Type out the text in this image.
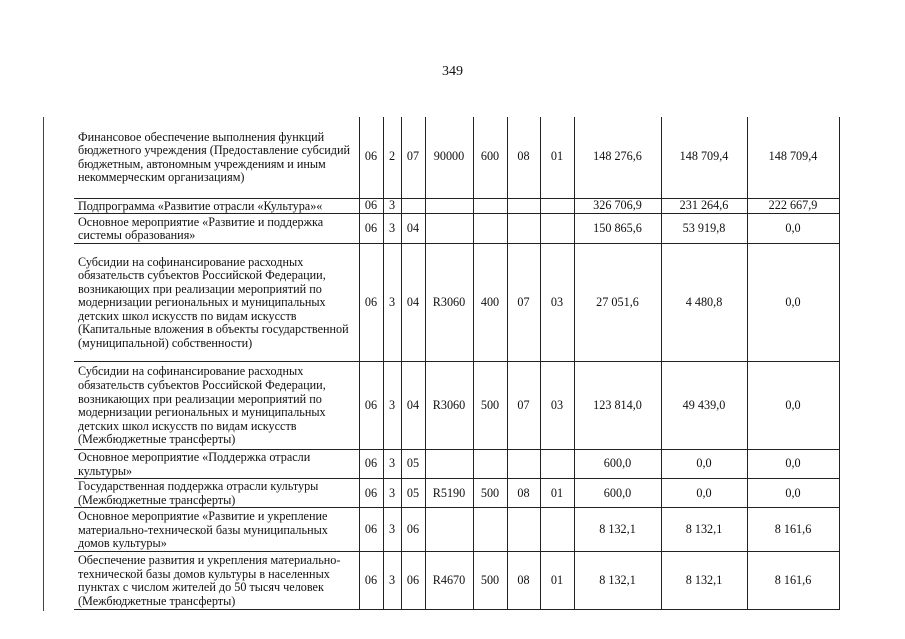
349
Финансовое обеспечение выполнения функций бюджетного учреждения (Предоставление субсидий бюджетным, автономным учреждениям и иным некоммерческим организациям)	06	2	07	90000	600	08	01	148 276,6	148 709,4	148 709,4
Подпрограмма «Развитие отрасли «Культура»«	06	3						326 706,9	231 264,6	222 667,9
Основное мероприятие «Развитие и поддержка системы образования»	06	3	04					150 865,6	53 919,8	0,0
Субсидии на софинансирование расходных обязательств субъектов Российской Федерации, возникающих при реализации мероприятий по модернизации региональных и муниципальных детских школ искусств по видам искусств (Капитальные вложения в объекты государственной (муниципальной) собственности)	06	3	04	R3060	400	07	03	27 051,6	4 480,8	0,0
Субсидии на софинансирование расходных обязательств субъектов Российской Федерации, возникающих при реализации мероприятий по модернизации региональных и муниципальных детских школ искусств по видам искусств (Межбюджетные трансферты)	06	3	04	R3060	500	07	03	123 814,0	49 439,0	0,0
Основное мероприятие «Поддержка отрасли культуры»	06	3	05					600,0	0,0	0,0
Государственная поддержка отрасли культуры (Межбюджетные трансферты)	06	3	05	R5190	500	08	01	600,0	0,0	0,0
Основное мероприятие «Развитие и укрепление материально-технической базы муниципальных домов культуры»	06	3	06					8 132,1	8 132,1	8 161,6
Обеспечение развития и укрепления материально-технической базы домов культуры в населенных пунктах с числом жителей до 50 тысяч человек (Межбюджетные трансферты)	06	3	06	R4670	500	08	01	8 132,1	8 132,1	8 161,6
